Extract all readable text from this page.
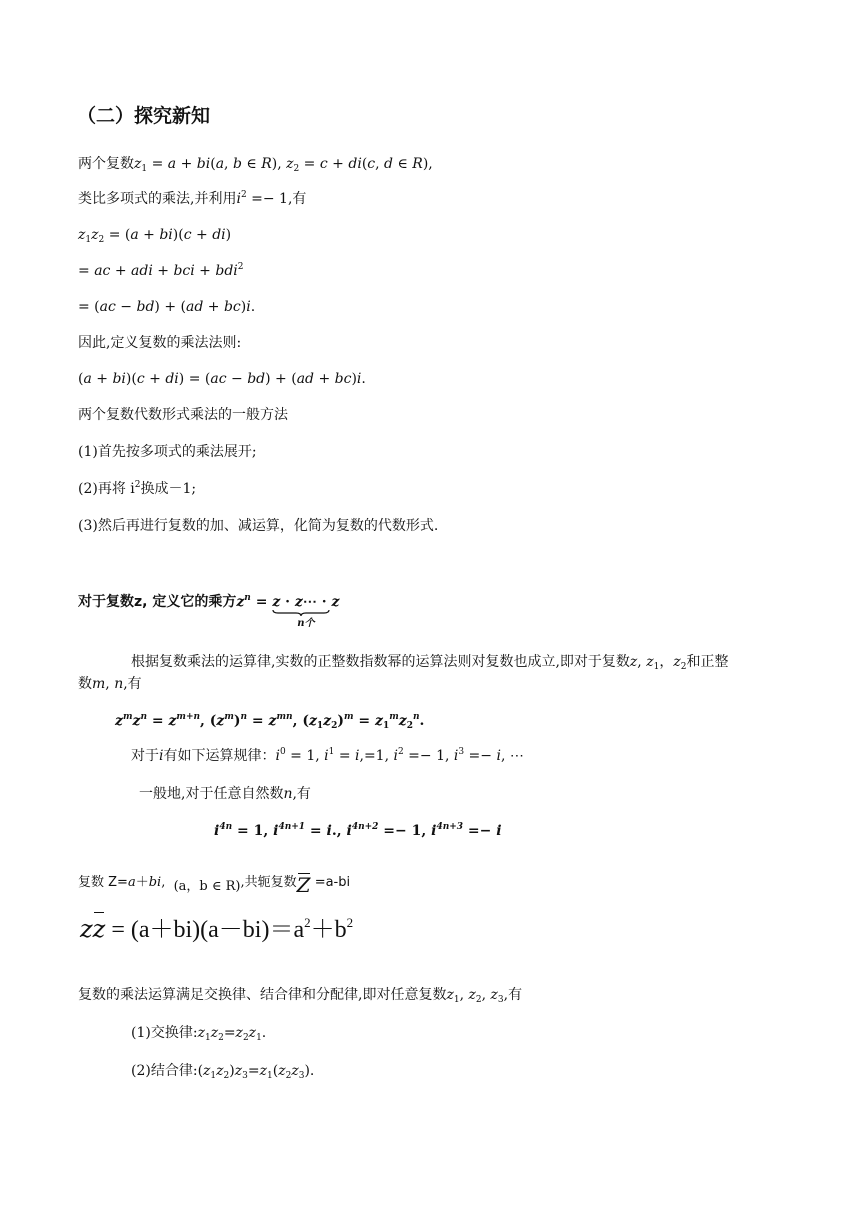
（二）探究新知
两个复数$z_1 = a + bi(a$, b ∈ R), $z_2 = c + di(c$, d ∈ R),
类比多项式的乘法,并利用$i^2 =- 1$,有
$z_1z_2 = (a + bi)(c + di)$
= ac + adi + bci + bdi$^2$
= (ac − bd) + (ad + bc)i.
因此,定义复数的乘法法则:
(a + bi)(c + di) = (ac − bd) + (ad + bc)i.
两个复数代数形式乘法的一般方法
(1)首先按多项式的乘法展开;
(2)再将 $i^2$换成－1;
(3)然后再进行复数的加、减运算，化简为复数的代数形式.
对于复数z, 定义它的乘方$z^n = z$ · z⋯ · z
n个
根据复数乘法的运算律,实数的正整数指数幂的运算法则对复数也成立,即对于复数z, $z_1$，$z_2$和正整
数m, n,有
$z^mz^n = z^{m+n}$, $(z^m)^n = z^{mn}$, $(z_1z_2)^m = z_1^mz_2^n$.
对于i有如下运算规律：$i^0 = 1$, $i^1 = i,=1$, $i^2 =- 1$, $i^3 =- i$, ⋯
一般地,对于任意自然数n,有
$i^{4n} = 1$, $i^{4n+1} = i$., $i^{4n+2} =- 1$, $i^{4n+3} =- i$
复数 Z=a＋bi,  (a，b ∈ R),共轭复数Z =a-bi
zz = $(a+bi)(a-bi)=a^2+b^2$
复数的乘法运算满足交换律、结合律和分配律,即对任意复数$z_1$, $z_2$, $z_3$,有
(1)交换律$:z_1z_2=z_2z_1$.
(2)结合律$:(z_1z_2)z_3=z_1(z_2z_3)$.
